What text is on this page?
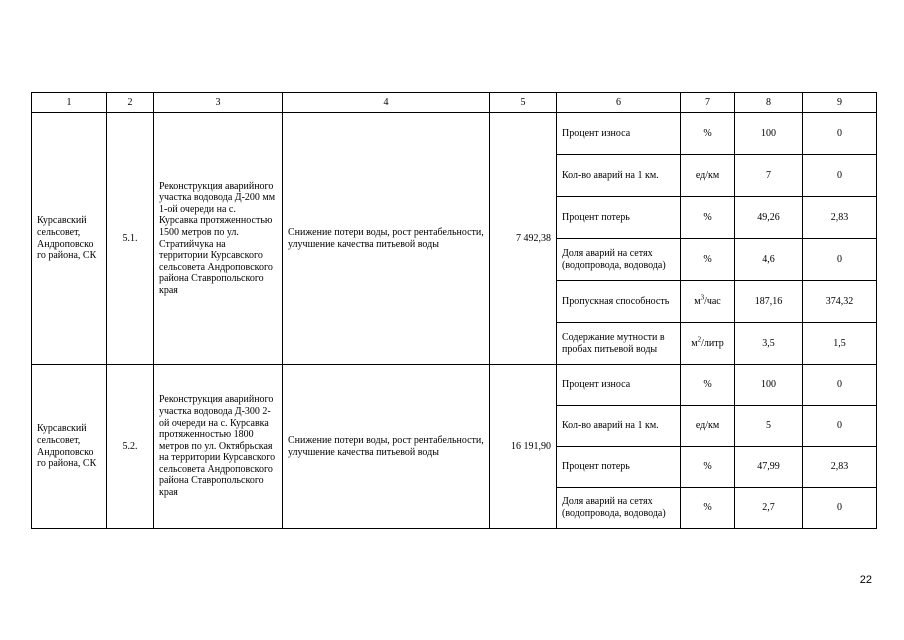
1	2	3	4	5	6	7	8	9
Курсавский сельсовет, Андроповско го района, СК	5.1.	Реконструкция аварийного участка водовода Д-200 мм 1-ой очереди на с. Курсавка протяженностью 1500 метров по ул. Стратийчука на территории Курсавского сельсовета Андроповского района Ставропольского края	Снижение потери воды, рост рентабельности, улучшение качества питьевой воды	7 492,38	Процент износа	%	100	0
					Кол-во аварий на 1 км.	ед/км	7	0
					Процент потерь	%	49,26	2,83
					Доля аварий на сетях (водопровода, водовода)	%	4,6	0
					Пропускная способность	$м^3$/час	187,16	374,32
					Содержание мутности в пробах питьевой воды	$м^2$/литр	3,5	1,5
Курсавский сельсовет, Андроповско го района, СК	5.2.	Реконструкция аварийного участка водовода Д-300 2-ой очереди на с. Курсавка протяженностью 1800 метров по ул. Октябрьская на территории Курсавского сельсовета Андроповского района Ставропольского края	Снижение потери воды, рост рентабельности, улучшение качества питьевой воды	16 191,90	Процент износа	%	100	0
					Кол-во аварий на 1 км.	ед/км	5	0
					Процент потерь	%	47,99	2,83
					Доля аварий на сетях (водопровода, водовода)	%	2,7	0
22
